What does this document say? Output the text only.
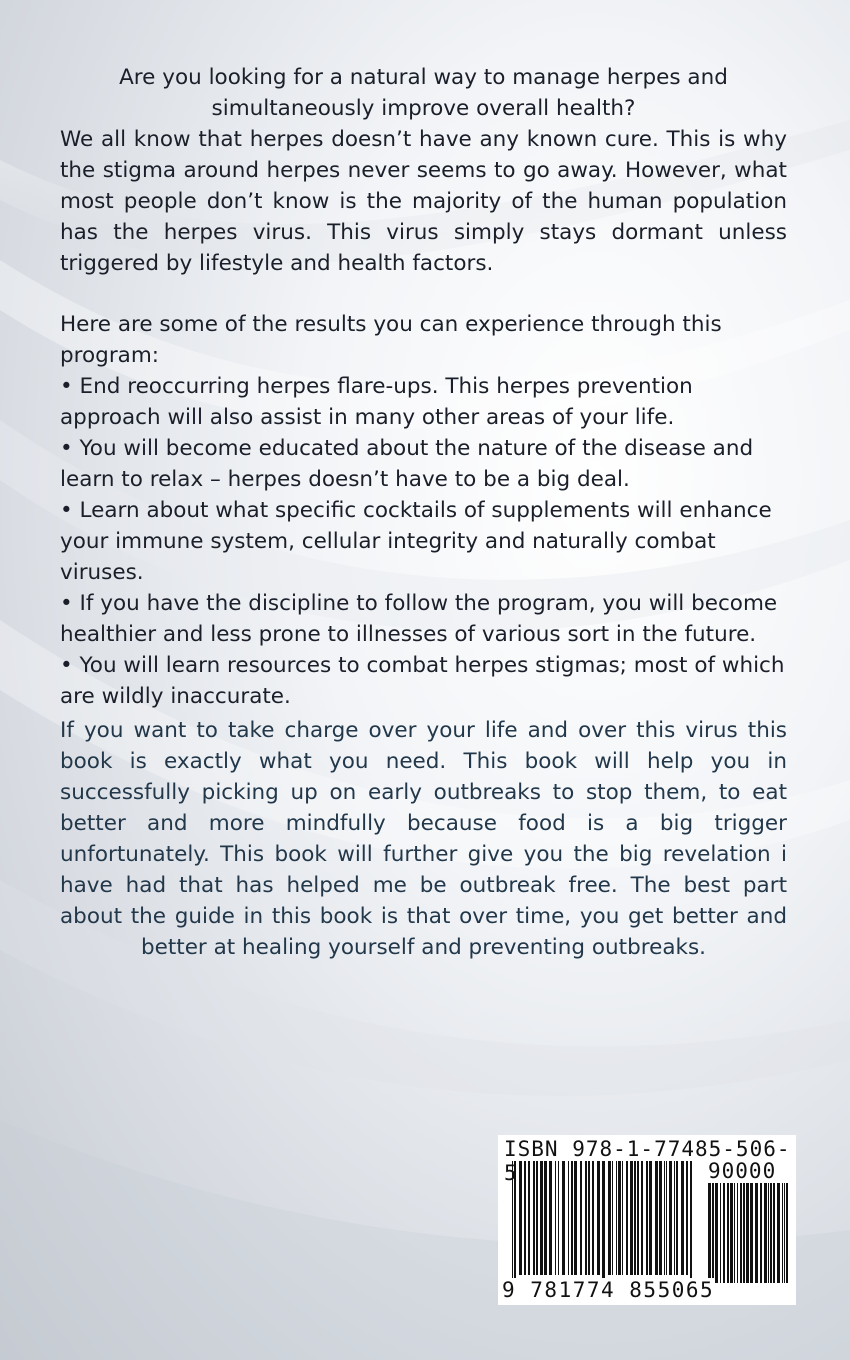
Are you looking for a natural way to manage herpes and simultaneously improve overall health?

We all know that herpes doesn’t have any known cure. This is why the stigma around herpes never seems to go away. However, what most people don’t know is the majority of the human population has the herpes virus. This virus simply stays dormant unless triggered by lifestyle and health factors.

Here are some of the results you can experience through this program:

• End reoccurring herpes flare-ups. This herpes prevention approach will also assist in many other areas of your life.

• You will become educated about the nature of the disease and learn to relax – herpes doesn’t have to be a big deal.

• Learn about what specific cocktails of supplements will enhance your immune system, cellular integrity and naturally combat viruses.

• If you have the discipline to follow the program, you will become healthier and less prone to illnesses of various sort in the future.

• You will learn resources to combat herpes stigmas; most of which are wildly inaccurate.

If you want to take charge over your life and over this virus this book is exactly what you need. This book will help you in successfully picking up on early outbreaks to stop them, to eat better and more mindfully because food is a big trigger unfortunately. This book will further give you the big revelation i have had that has helped me be outbreak free. The best part about the guide in this book is that over time, you get better and better at healing yourself and preventing outbreaks.

ISBN 978-1-77485-506-5	90000
9 781774 855065
